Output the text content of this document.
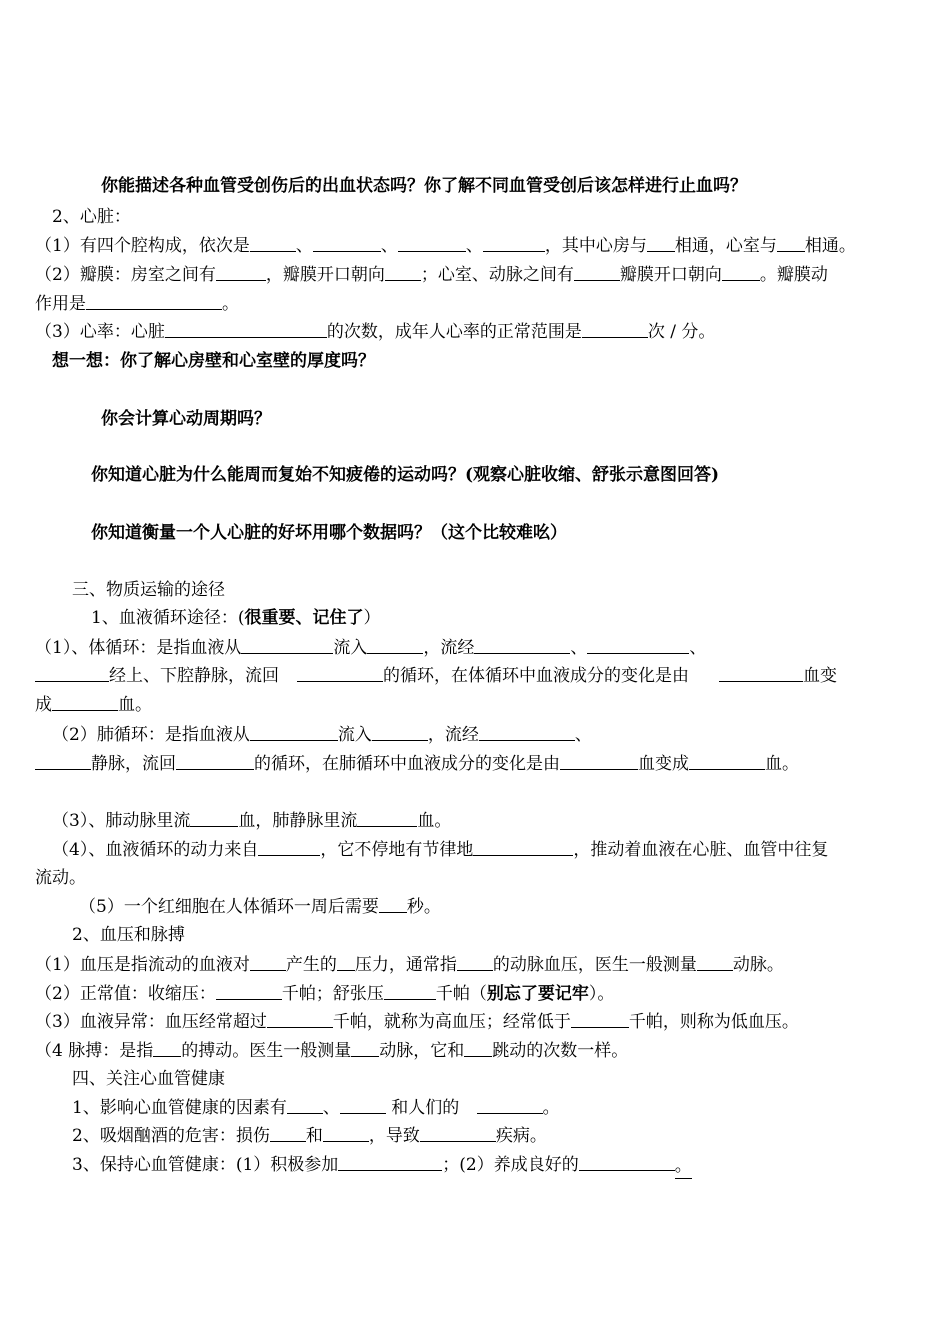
你能描述各种血管受创伤后的出血状态吗？你了解不同血管受创后该怎样进行止血吗？
2、心脏：
（1）有四个腔构成，依次是	、	、	、	，其中心房与 相通，心室与 相通。
（2）瓣膜：房室之间有	，瓣膜开口朝向 ；心室、动脉之间有	瓣膜开口朝向 。瓣膜动
作用是	。
（3）心率：心脏	的次数，成年人心率的正常范围是	次 / 分。
想一想：你了解心房壁和心室壁的厚度吗？
你会计算心动周期吗？
你知道心脏为什么能周而复始不知疲倦的运动吗？(观察心脏收缩、舒张示意图回答)
你知道衡量一个人心脏的好坏用哪个数据吗？（这个比较难吆）
三、物质运输的途径
1、血液循环途径：(很重要、记住了）
（1）、体循环：是指血液从	流入	，流经	、	、
经上、下腔静脉，流回	的循环，在体循环中血液成分的变化是由	血变
成	血。
（2）肺循环：是指血液从	流入	，流经	、
静脉，流回	的循环，在肺循环中血液成分的变化是由	血变成	血。
（3）、肺动脉里流	血，肺静脉里流	血。
（4）、血液循环的动力来自	，它不停地有节律地	，推动着血液在心脏、血管中往复
流动。
（5）一个红细胞在人体循环一周后需要 秒。
2、血压和脉搏
（1）血压是指流动的血液对 产生的 压力，通常指 的动脉血压，医生一般测量 动脉。
（2）正常值：收缩压：	千帕；舒张压	千帕（别忘了要记牢）。
（3）血液异常：血压经常超过	千帕，就称为高血压；经常低于	千帕，则称为低血压。
（4 脉搏：是指 的搏动。医生一般测量 动脉，它和 跳动的次数一样。
四、关注心血管健康
1、影响心血管健康的因素有 、	和人们的	。
2、吸烟酗酒的危害：损伤 和	，导致	疾病。
3、保持心血管健康：(1）积极参加	；(2）养成良好的	。
